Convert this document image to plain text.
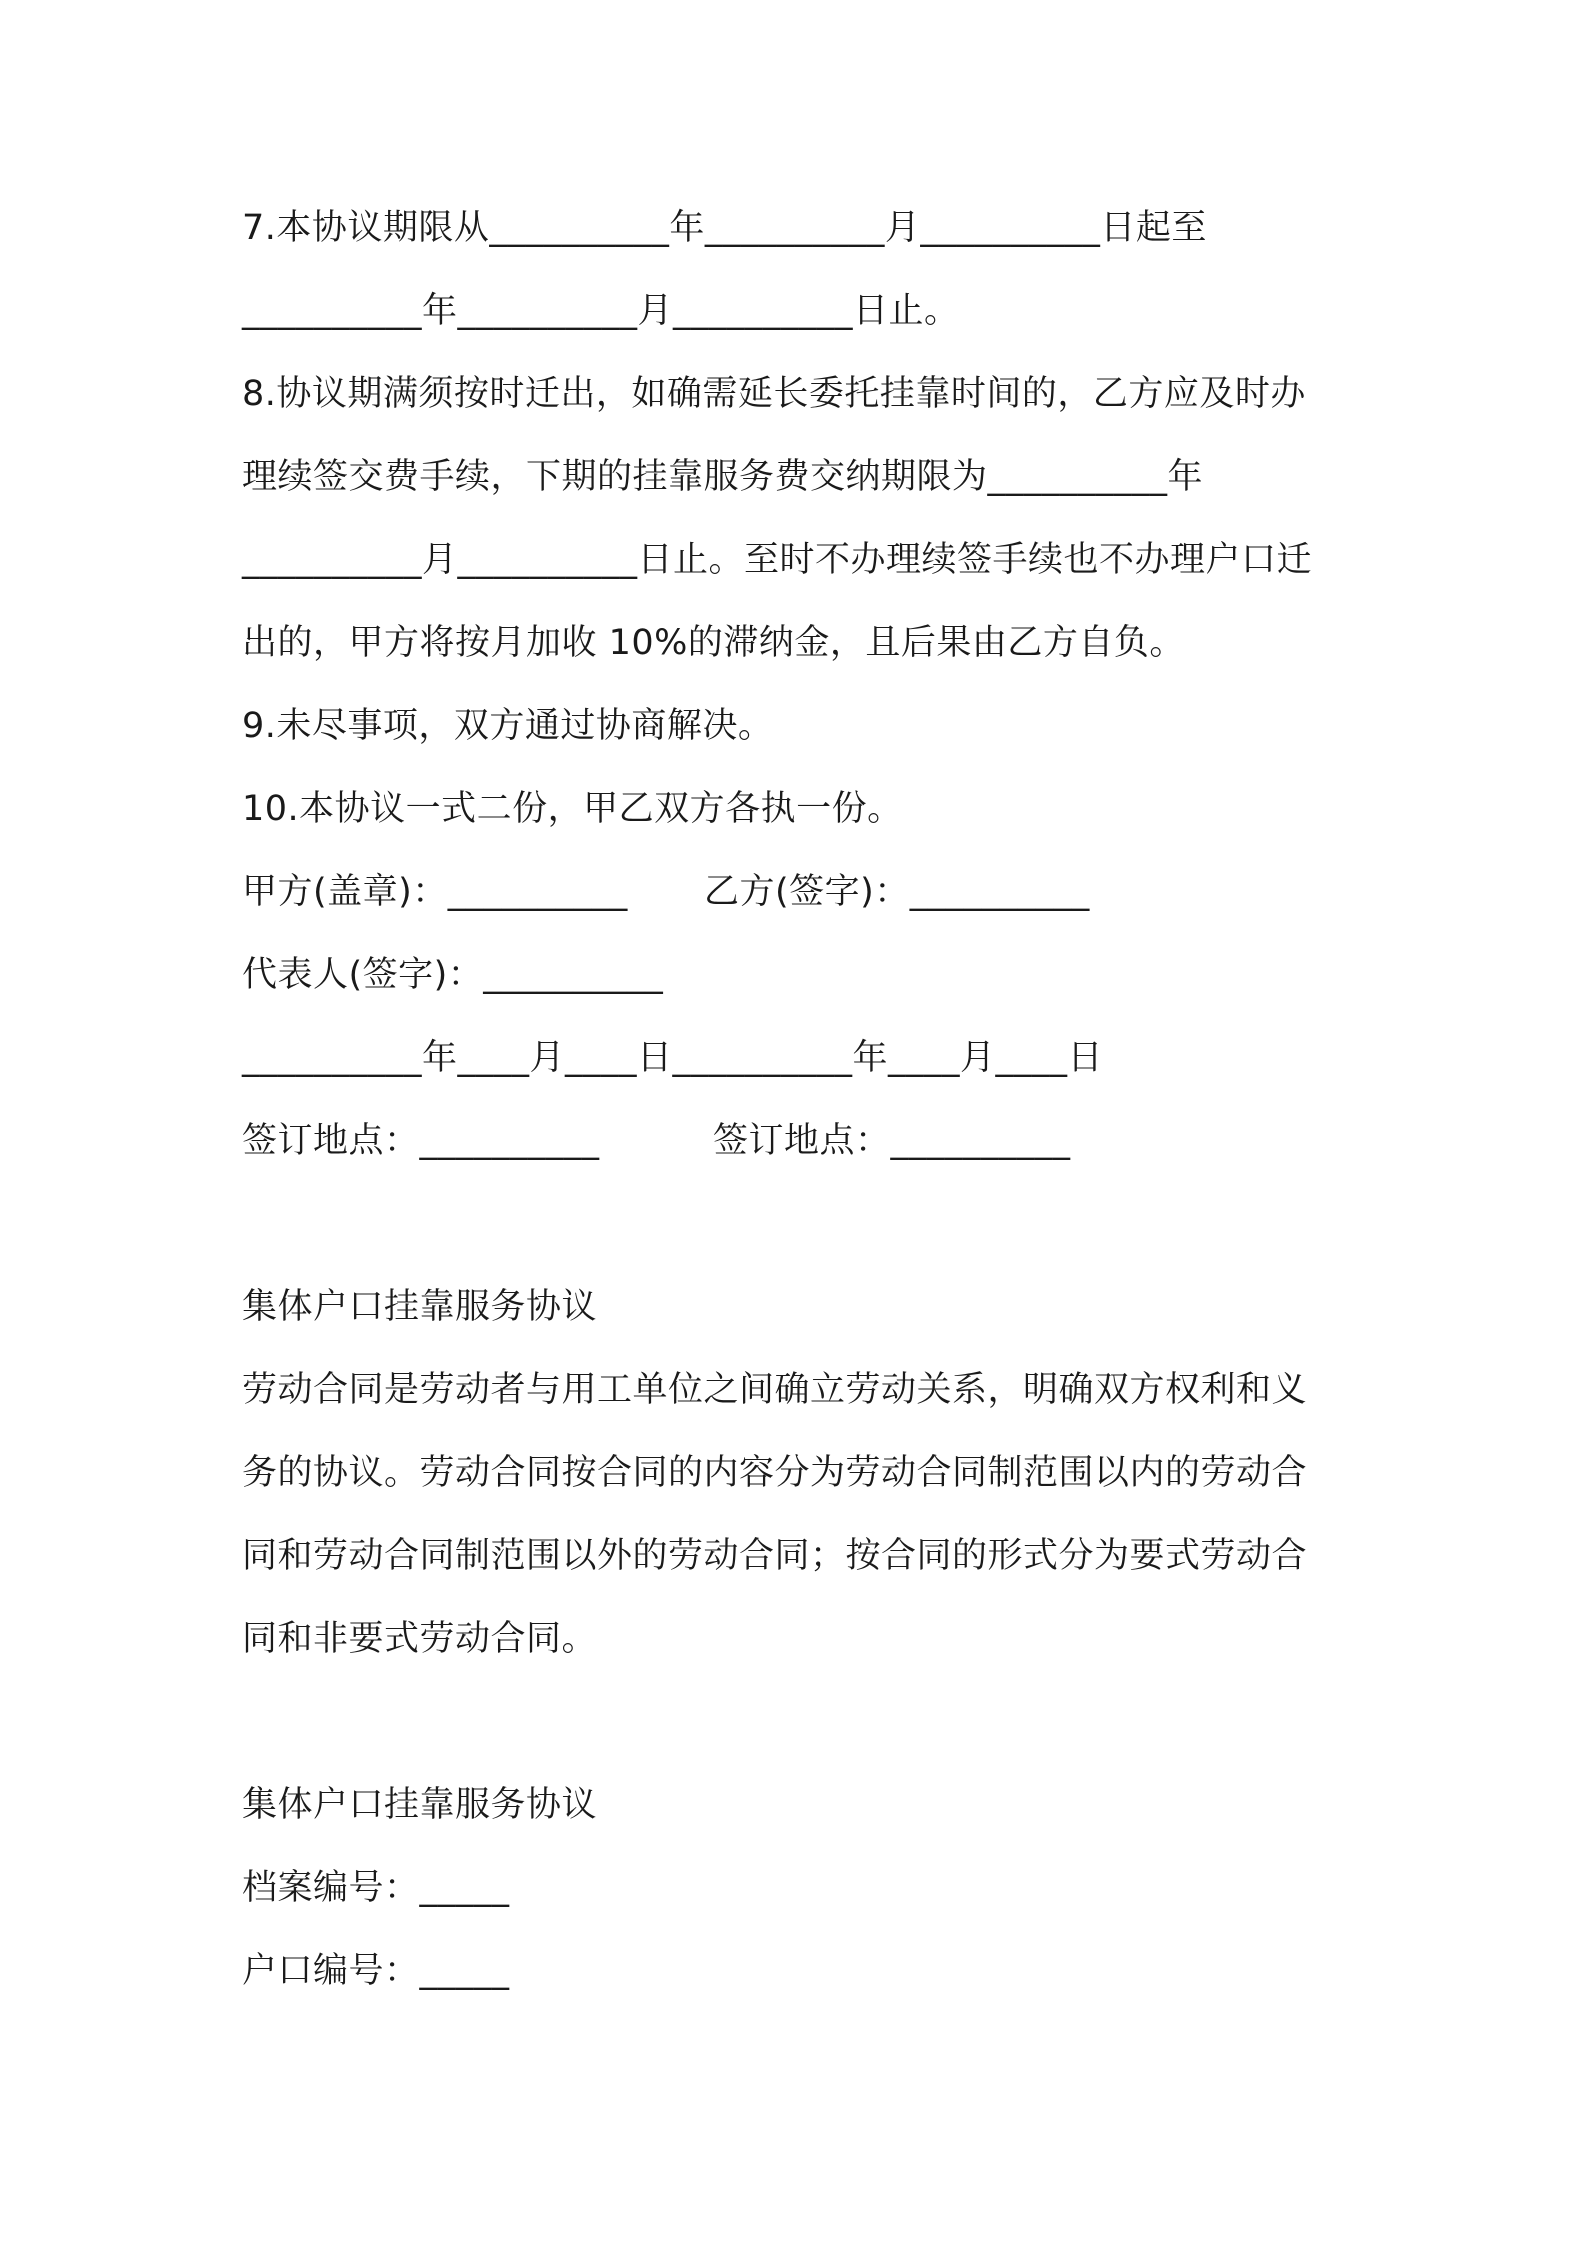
7.本协议期限从__________年__________月__________日起至
__________年__________月__________日止。
8.协议期满须按时迁出，如确需延长委托挂靠时间的，乙方应及时办
理续签交费手续，下期的挂靠服务费交纳期限为__________年
__________月__________日止。至时不办理续签手续也不办理户口迁
出的，甲方将按月加收 10%的滞纳金，且后果由乙方自负。
9.未尽事项，双方通过协商解决。
10.本协议一式二份，甲乙双方各执一份。
甲方(盖章)：__________ 乙方(签字)：__________
代表人(签字)：__________
__________年____月____日__________年____月____日
签订地点：__________	签订地点：__________
集体户口挂靠服务协议
劳动合同是劳动者与用工单位之间确立劳动关系，明确双方权利和义
务的协议。劳动合同按合同的内容分为劳动合同制范围以内的劳动合
同和劳动合同制范围以外的劳动合同；按合同的形式分为要式劳动合
同和非要式劳动合同。
集体户口挂靠服务协议
档案编号：_____
户口编号：_____
